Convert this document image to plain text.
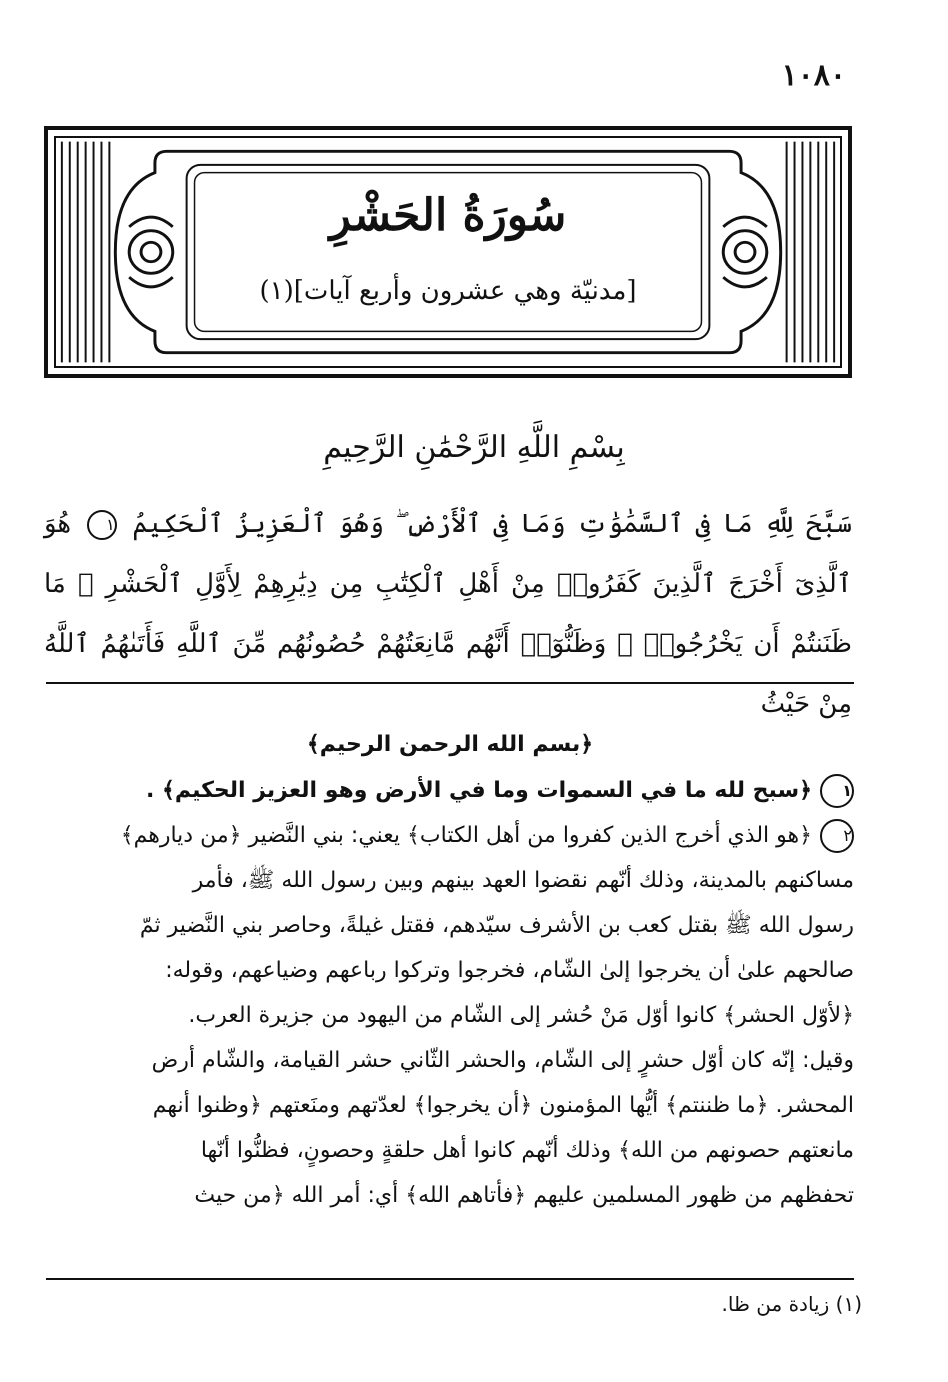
١٠٨٠
سُورَةُ الحَشْرِ
[مدنيّة وهي عشرون وأربع آيات](١)
بِسْمِ اللَّهِ الرَّحْمَٰنِ الرَّحِيمِ
سَبَّحَ لِلَّهِ مَا فِى ٱلسَّمَٰوَٰتِ وَمَا فِى ٱلْأَرْضِ ۖ وَهُوَ ٱلْعَزِيزُ ٱلْحَكِيمُ ١ هُوَ ٱلَّذِىٓ أَخْرَجَ ٱلَّذِينَ كَفَرُوا۟ مِنْ أَهْلِ ٱلْكِتَٰبِ مِن دِيَٰرِهِمْ لِأَوَّلِ ٱلْحَشْرِ ۚ مَا ظَنَنتُمْ أَن يَخْرُجُوا۟ ۖ وَظَنُّوٓا۟ أَنَّهُم مَّانِعَتُهُمْ حُصُونُهُم مِّنَ ٱللَّهِ فَأَتَىٰهُمُ ٱللَّهُ مِنْ حَيْثُ
﴿بسم الله الرحمن الرحيم﴾
١﴿سبح لله ما في السموات وما في الأرض وهو العزيز الحكيم﴾ .
٢﴿هو الذي أخرج الذين كفروا من أهل الكتاب﴾ يعني: بني النَّضير ﴿من ديارهم﴾
مساكنهم بالمدينة، وذلك أنّهم نقضوا العهد بينهم وبين رسول الله ﷺ، فأمر
رسول الله ﷺ بقتل كعب بن الأشرف سيّدهم، فقتل غيلةً، وحاصر بني النَّضير ثمّ
صالحهم علىٰ أن يخرجوا إلىٰ الشّام، فخرجوا وتركوا رباعهم وضياعهم، وقوله:
﴿لأوّل الحشر﴾ كانوا أوّل مَنْ حُشر إلى الشّام من اليهود من جزيرة العرب.
وقيل: إنّه كان أوّل حشرٍ إلى الشّام، والحشر الثّاني حشر القيامة، والشّام أرض
المحشر. ﴿ما ظننتم﴾ أيُّها المؤمنون ﴿أن يخرجوا﴾ لعدّتهم ومنَعتهم ﴿وظنوا أنهم
مانعتهم حصونهم من الله﴾ وذلك أنّهم كانوا أهل حلقةٍ وحصونٍ، فظنُّوا أنّها
تحفظهم من ظهور المسلمين عليهم ﴿فأتاهم الله﴾ أي: أمر الله ﴿من حيث
(١) زيادة من ظا.
